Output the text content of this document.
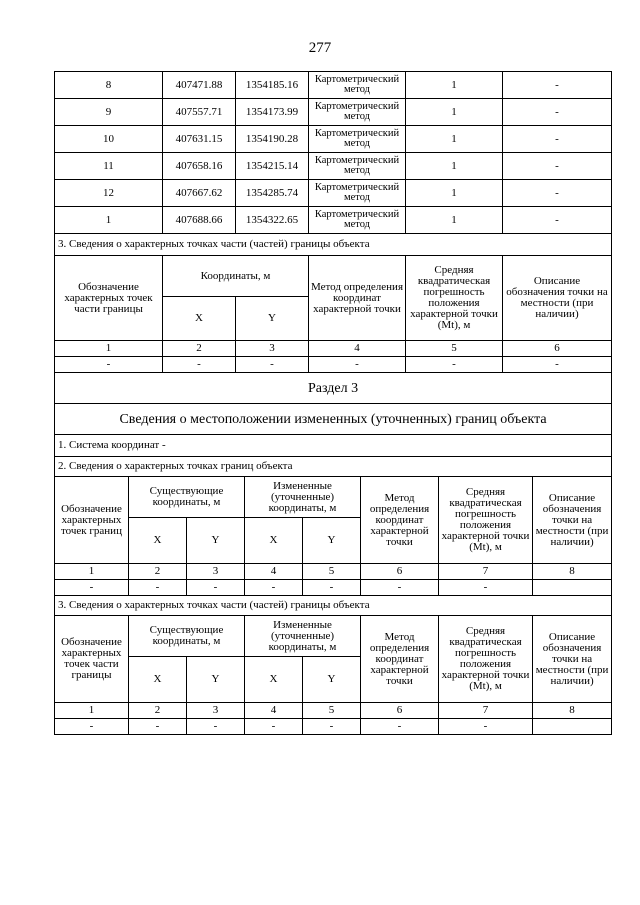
277
8	407471.88	1354185.16	Картометрический метод	1	-
9	407557.71	1354173.99	Картометрический метод	1	-
10	407631.15	1354190.28	Картометрический метод	1	-
11	407658.16	1354215.14	Картометрический метод	1	-
12	407667.62	1354285.74	Картометрический метод	1	-
1	407688.66	1354322.65	Картометрический метод	1	-
3. Сведения о характерных точках части (частей) границы объекта					
Обозначение характерных точек части границы	Координаты, м		Метод определения координат характерной точки	Средняя квадратическая погрешность положения характерной точки (Mt), м	Описание обозначения точки на местности (при наличии)
	X	Y			
1	2	3	4	5	6
-	-	-	-	-	-
Раздел 3							
Сведения о местоположении измененных (уточненных) границ объекта							
1. Система координат -							
2. Сведения о характерных точках границ объекта							
Обозначение характерных точек границ	Существующие координаты, м		Измененные (уточненные) координаты, м		Метод определения координат характерной точки	Средняя квадратическая погрешность положения характерной точки (Mt), м	Описание обозначения точки на местности (при наличии)
	X	Y	X	Y			
1	2	3	4	5	6	7	8
-	-	-	-	-	-	-	
3. Сведения о характерных точках части (частей) границы объекта							
Обозначение характерных точек части границы	Существующие координаты, м		Измененные (уточненные) координаты, м		Метод определения координат характерной точки	Средняя квадратическая погрешность положения характерной точки (Mt), м	Описание обозначения точки на местности (при наличии)
	X	Y	X	Y			
1	2	3	4	5	6	7	8
-	-	-	-	-	-	-	
